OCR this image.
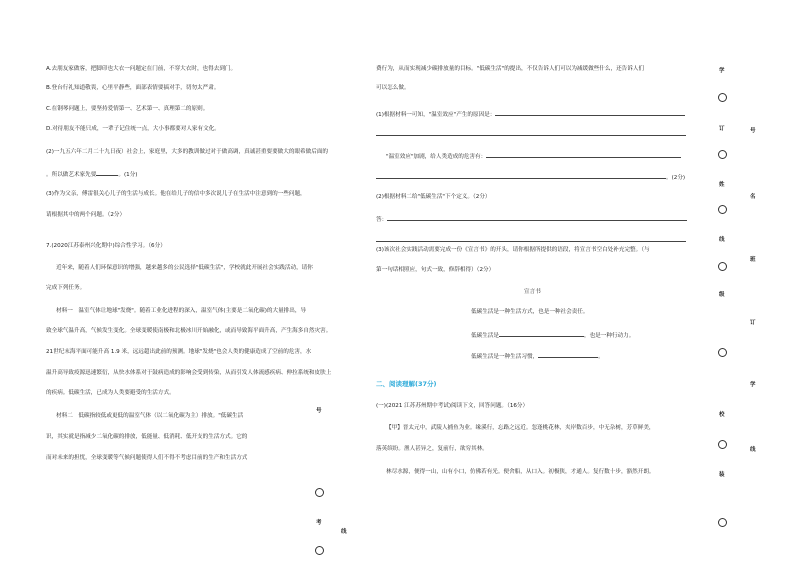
A.去朋友家做客，把脚印也大衣一问题定在门前，不穿大衣时，也得去到门。
B.登台行礼知道敬畏，心里平静些，面部表情要搞对手，切勿太严肃。
C.在钢琴问题上，要坚持爱情第一、艺术第一、真理第二的原则。
D.对待朋友不能只成，一辈子记住统一点，大小事都要对人家有文化。
(2)一九五六年二月二十九日夜）社会上，家庭里，大多的教训做过对于做高调，真诚甚重要要做大的眼希做后面的
。所以做艺术家先要	。(1分)
(3)作为父亲，傅雷很关心儿子的生活与成长。他在给儿子的信中多次说儿子在生活中注意到的一些问题，
请根据其中的两个问题。（2分）
7.(2020江苏泰州兴化期中)综合性学习。（6分）
近年来，随着人们环保意识的增强，越来越多的公民选择"低碳生活"，学校就此开展社会实践活动，请你
完成下列任务。
材料一　温室气体让地球"发烧"。随着工业化进程的深入，温室气体(主要是二氧化碳)的大量排出，导
致全球气温升高，气候发生变化。全球变暖使南极和北极冰川开始融化，或而导致海平面升高，产生海多自然灾害。
21世纪末海平面可能升高 1.9 米，远远超出此前的预测。地球"发烧"也会人类的健康造成了空前的危害，水
温升高导致疫源迅速繁衍，从快水体系对于鼓病造成的影响会受到传染，从而引发人体流感疾病、伸拉系统和皮肤上
的疾病。低碳生活，已成为人类要避受的生活方式。
材料二　低碳指较低或更低的温室气体（以二氧化碳为主）排放。"低碳生活
识，其实就是指减少二氧化碳的排放，低能量、低消耗、低开支的生活方式。它的
而对未来的担忧，全球变暖等气候问题使得人们不得不考虑目前的生产和生活方式
号
考
线
费行为，从而实现减少碳排放量的目标。"低碳生活"的提出，不仅告诉人们可以为减缓做些什么，还告诉人们
可以怎么做。
(1)根据材料一可知，"温室效应"产生的原因是：
"温室效应"加剧，给人类造成的危害有：
。(2分)
(2)根据材料二给"低碳生活"下个定义。（2分）
答：
(3)该次社会实践活动需要完成一份《宣言书》的开头，请你根据所提供的语段，将宣言书空白处补充完整。（与
第一句话相照应，句式一致，修辞相得）（2分）
宣言书
低碳生活是一种生活方式，也是一种社会责任。
低碳生活是	，也是一种行动力。
低碳生活是一种生活习惯，	。
二、阅读理解(37分)
(一)(2021 江苏苏州期中考试)阅读下文，回答问题。（16分）
【甲】晋太元中，武陵人捕鱼为业。缘溪行，忘路之远近。忽逢桃花林，夹岸数百步，中无杂树，芳草鲜美，
落英缤纷。渔人甚异之，复前行，欲穷其林。
林尽水源，便得一山，山有小口，仿佛若有光。便舍船，从口入。初极狭，才通人。复行数十步，豁然开朗。
学
号
订
姓
名
线
班
级
订
学
校
线
装
